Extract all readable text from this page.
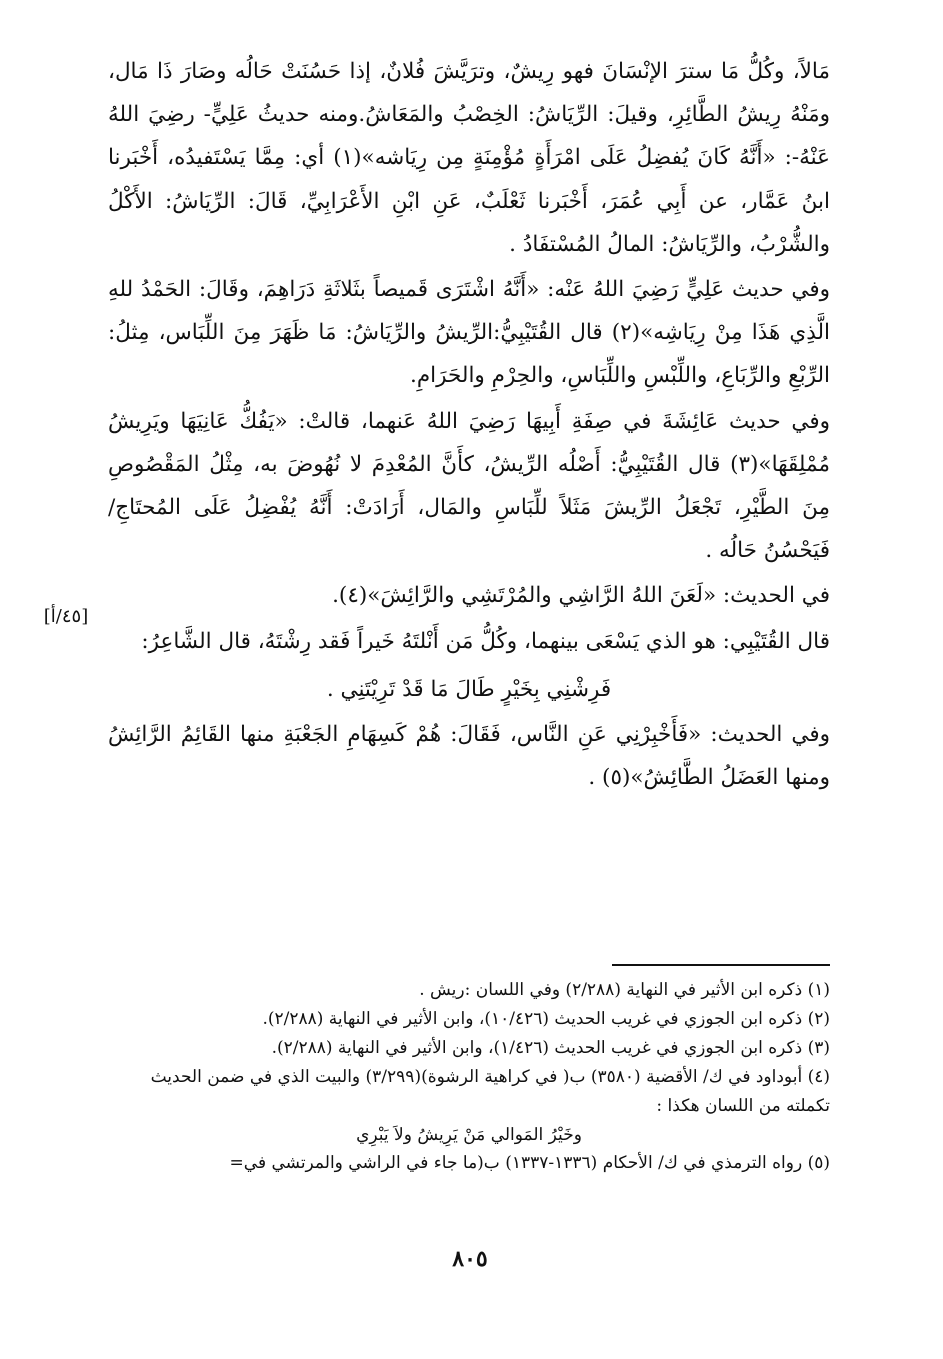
مَالاً، وكُلُّ مَا سترَ الإنْسَانَ فهو رِيشٌ، وترَيَّشَ فُلانٌ، إذا حَسُنَتْ حَالُه وصَارَ ذَا مَال، ومَنْهُ رِيشُ الطَّائِرِ، وقيلَ: الرِّيَاشُ: الخِصْبُ والمَعَاشُ.ومنه حديثُ عَلِيٍّ- رضِيَ اللهُ عَنْهُ-: «أَنَّهُ كَانَ يُفضِلُ عَلَى امْرَأَةٍ مُؤْمِنَةٍ مِن رِيَاشه»(١) أي: مِمَّا يَسْتَفيدُه، أَخْبَرنا ابنُ عَمَّار، عن أَبِي عُمَرَ، أَخْبَرنا ثَعْلَبٌ، عَنِ ابْنِ الأَعْرَابِيِّ، قَالَ: الرِّيَاشُ: الأَكْلُ والشُّرْبُ، والرِّيَاشُ: المالُ المُسْتفَادُ .

وفي حديث عَلِيٍّ رَضِيَ اللهُ عَنْه: «أَنَّهُ اشْتَرَى قَميصاً بثَلاثَةِ دَرَاهِمَ، وقَالَ: الحَمْدُ للهِ الَّذِي هَذَا مِنْ رِيَاشِه»(٢) قال القُتَيْبِيُّ:الرِّيشُ والرِّيَاشُ: مَا ظَهَرَ مِنَ اللِّبَاس، مِثلُ: الرِّبْعِ والرِّبَاعِ، واللِّبْسِ واللِّبَاسِ، والحِرْمِ والحَرَامِ.

وفي حديث عَائِشَةَ في صِفَةِ أَبِيهَا رَضِيَ اللهُ عَنهما، قالتْ: «يَفُكُّ عَانِيَهَا ويَرِيشُ مُمْلِقَهَا»(٣) قال القُتَيْبِيُّ: أَصْلُه الرِّيشُ، كأَنَّ المُعْدِمَ لا نُهُوضَ به، مِثْلُ المَقْصُوصِ مِنَ الطَّيْرِ، تَجْعَلُ الرِّيشَ مَثَلاً للِّبَاسِ والمَال، أَرَادَتْ: أَنَّهُ يُفْضِلُ عَلَى المُحتَاجِ/ فَيَحْسُنُ حَالُه .

في الحديث: «لَعَنَ اللهُ الرَّاشِي والمُرْتَشِي والرَّائِشَ»(٤).

قال القُتَيْبِي: هو الذي يَسْعَى بينهما، وكُلُّ مَن أَنْلتَهُ خَيراً فَقد رِشْتَهُ، قال الشَّاعِرُ:

فَرِشْنِي بِخَيْرٍ طَالَ مَا قَدْ تَرِيْتَنِي .

وفي الحديث: «فَأَخْبِرْنِي عَنِ النَّاس، فَقَالَ: هُمْ كَسِهَامِ الجَعْبَةِ منها القَائِمُ الرَّائِشُ ومنها العَضَلُ الطَّائِشُ»(٥) .

[٤٥/أ]

(١) ذكره ابن الأثير في النهاية (٢/٢٨٨) وفي اللسان :ريش .

(٢) ذكره ابن الجوزي في غريب الحديث (١٠/٤٢٦)، وابن الأثير في النهاية (٢/٢٨٨).

(٣) ذكره ابن الجوزي في غريب الحديث (١/٤٢٦)، وابن الأثير في النهاية (٢/٢٨٨).

(٤) أبوداود في ك/ الأقضية (٣٥٨٠) ب( في كراهية الرشوة)(٣/٢٩٩) والبيت الذي في ضمن الحديث تكملته من اللسان هكذا :

وخَيْرُ المَوالي مَنْ يَرِيشُ ولاَ يَبْرِي

(٥) رواه الترمذي في ك/ الأحكام (١٣٣٦-١٣٣٧) ب(ما جاء في الراشي والمرتشي في=

٨٠٥
